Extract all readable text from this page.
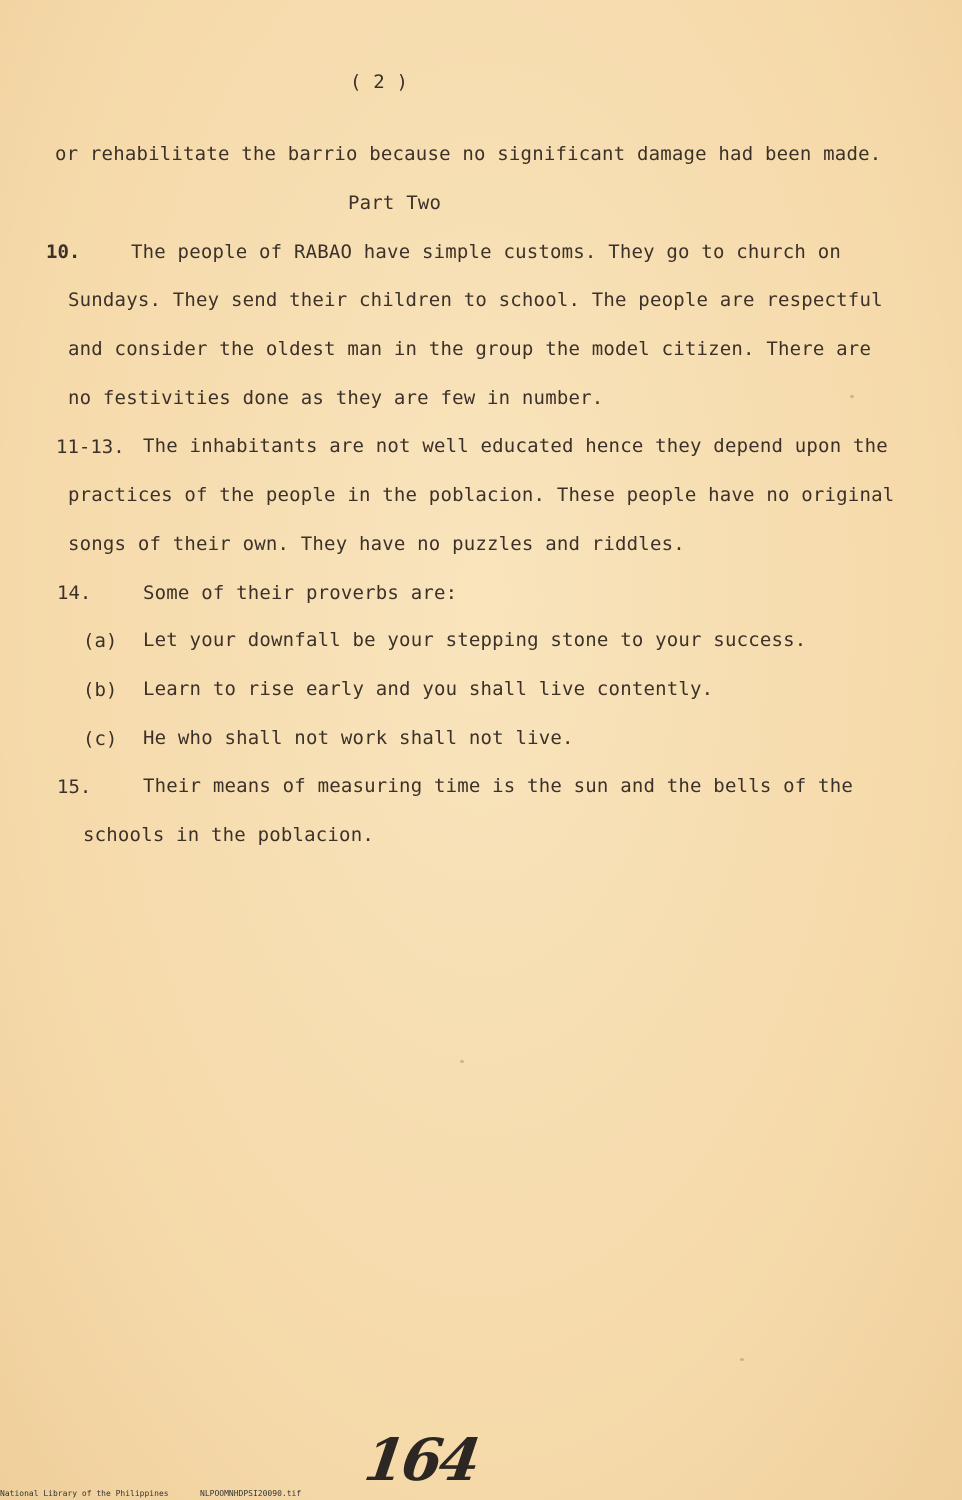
( 2 )
or rehabilitate the barrio because no significant damage had been made.
Part Two
10.	The people of RABAO have simple customs. They go to church on
Sundays. They send their children to school. The people are respectful
and consider the oldest man in the group the model citizen. There are
no festivities done as they are few in number.
11-13. The inhabitants are not well educated hence they depend upon the
practices of the people in the poblacion. These people have no original
songs of their own. They have no puzzles and riddles.
14.	Some of their proverbs are:
(a) Let your downfall be your stepping stone to your success.
(b) Learn to rise early and you shall live contently.
(c) He who shall not work shall not live.
15.	Their means of measuring time is the sun and the bells of the
schools in the poblacion.
164
National Library of the Philippines	NLPOOMNHDPSI20090.tif
